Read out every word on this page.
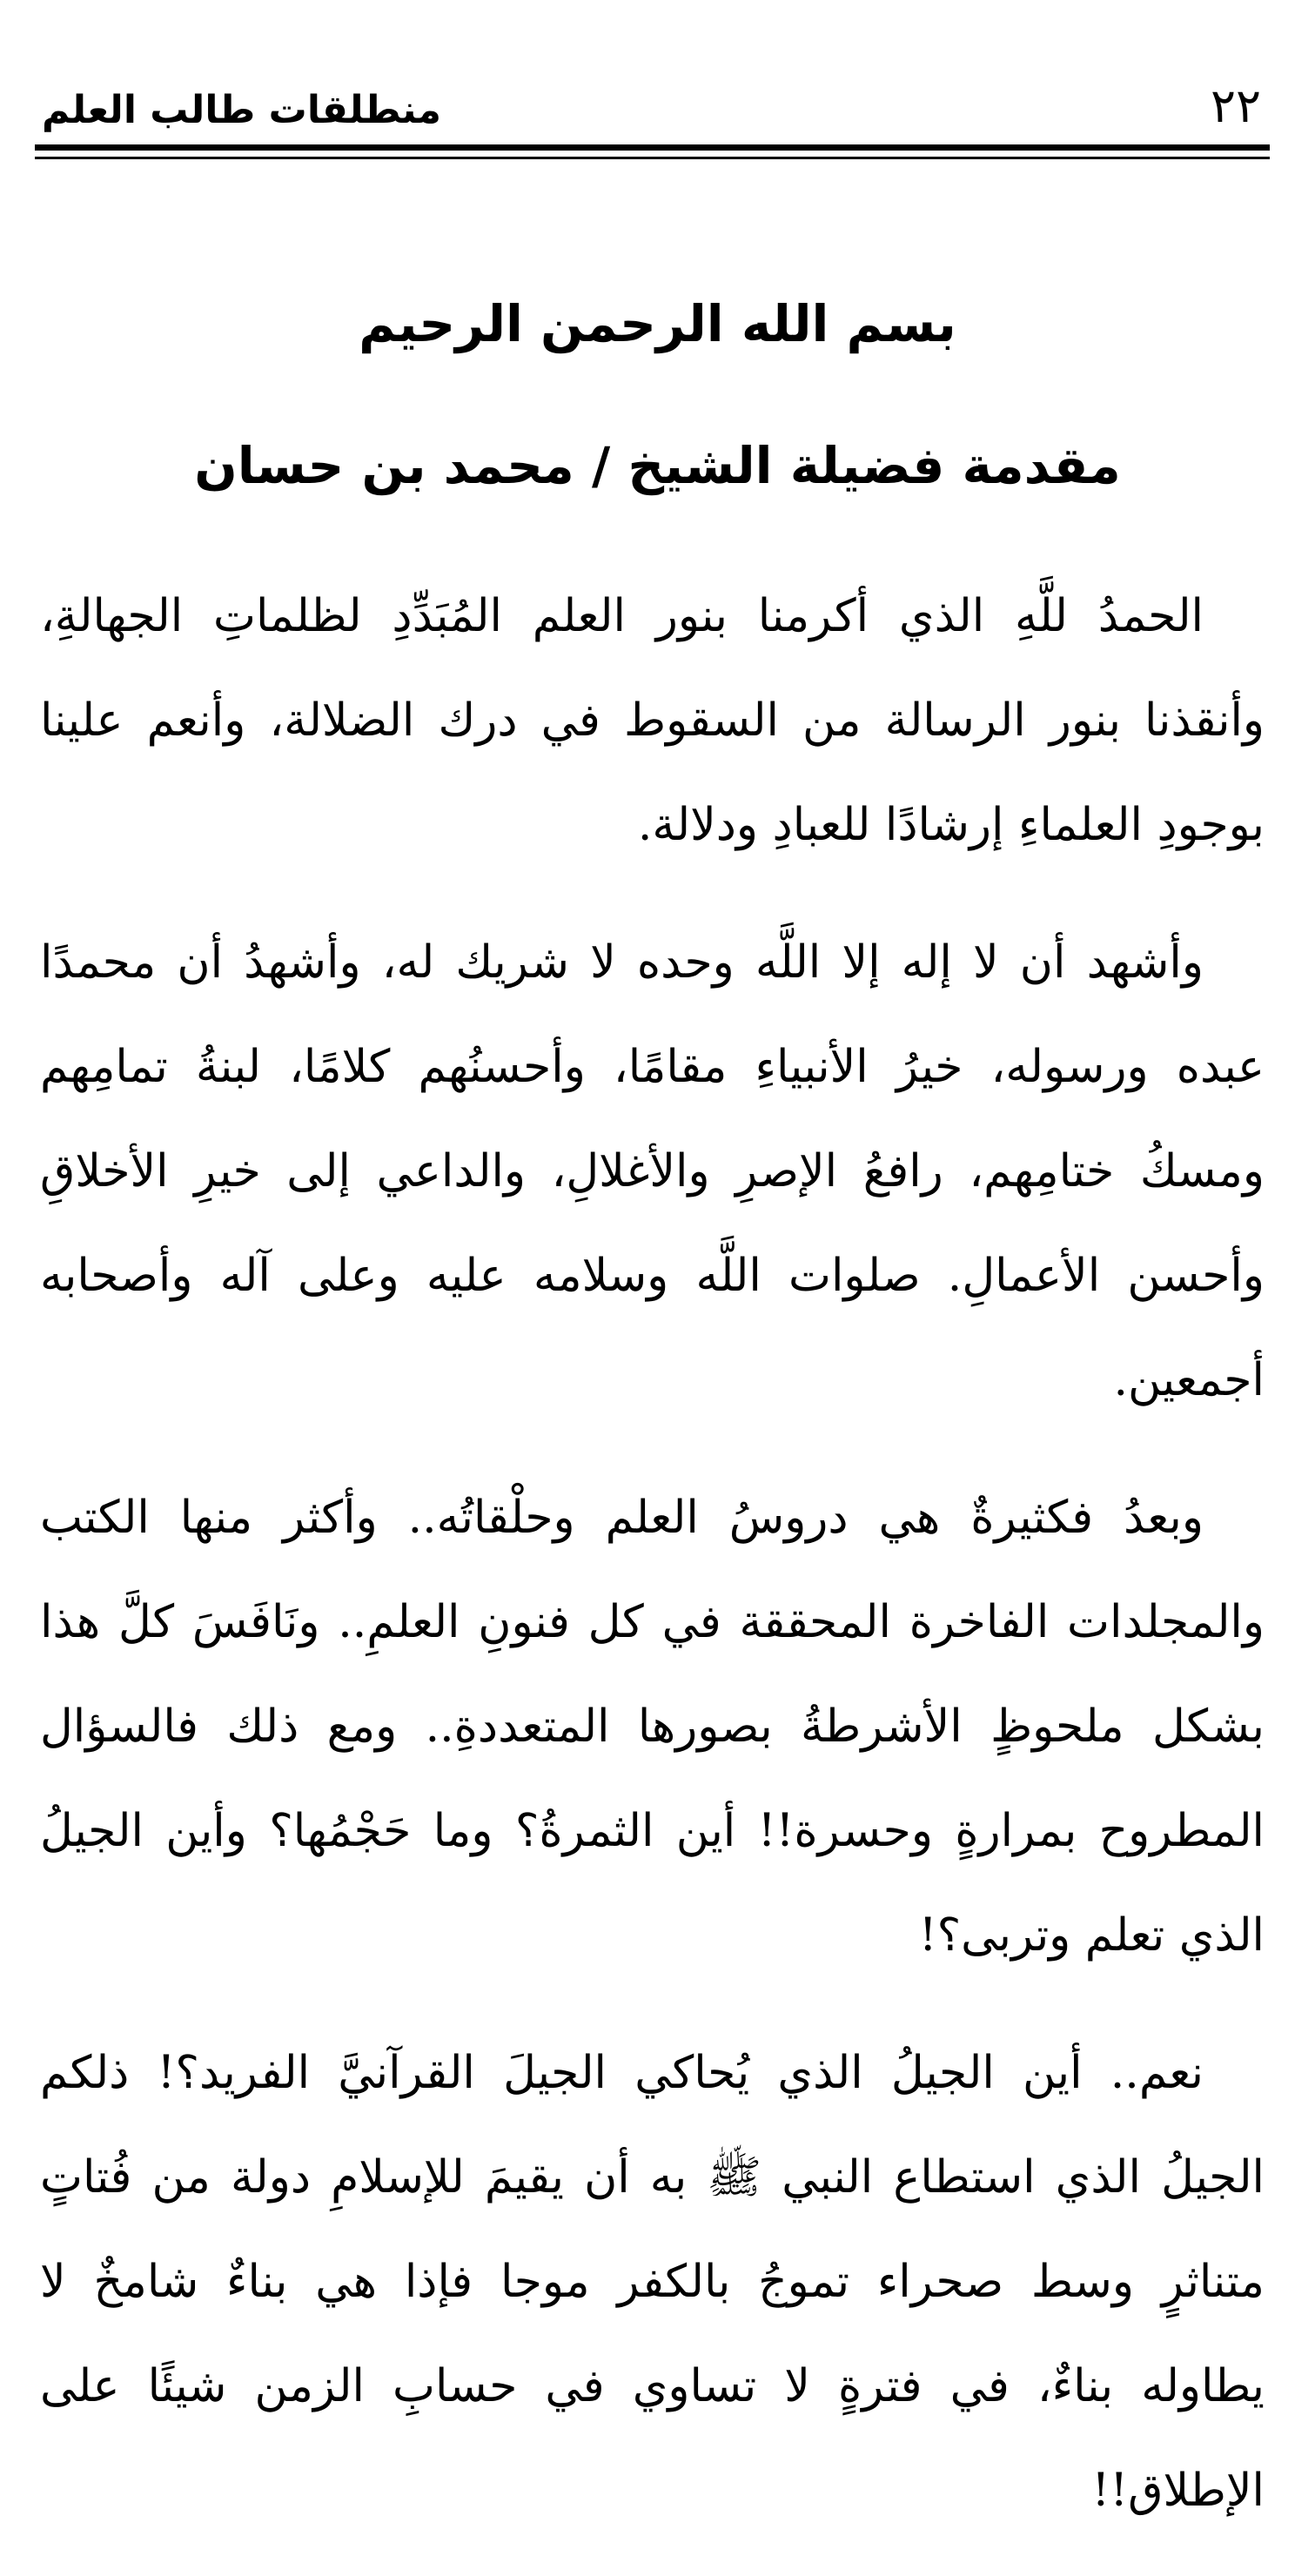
٢٢
منطلقات طالب العلم
بسم الله الرحمن الرحيم
مقدمة فضيلة الشيخ / محمد بن حسان

الحمدُ للَّهِ الذي أكرمنا بنور العلم المُبَدِّدِ لظلماتِ الجهالةِ، وأنقذنا بنور الرسالة من السقوط في درك الضلالة، وأنعم علينا بوجودِ العلماءِ إرشادًا للعبادِ ودلالة.

وأشهد أن لا إله إلا اللَّه وحده لا شريك له، وأشهدُ أن محمدًا عبده ورسوله، خيرُ الأنبياءِ مقامًا، وأحسنُهم كلامًا، لبنةُ تمامِهم ومسكُ ختامِهم، رافعُ الإصرِ والأغلالِ، والداعي إلى خيرِ الأخلاقِ وأحسن الأعمالِ. صلوات اللَّه وسلامه عليه وعلى آله وأصحابه أجمعين.

وبعدُ فكثيرةٌ هي دروسُ العلم وحلْقاتُه.. وأكثر منها الكتب والمجلدات الفاخرة المحققة في كل فنونِ العلمِ.. ونَافَسَ كلَّ هذا بشكل ملحوظٍ الأشرطةُ بصورها المتعددةِ.. ومع ذلك فالسؤال المطروح بمرارةٍ وحسرة!! أين الثمرةُ؟ وما حَجْمُها؟ وأين الجيلُ الذي تعلم وتربى؟!

نعم.. أين الجيلُ الذي يُحاكي الجيلَ القرآنيَّ الفريد؟! ذلكم الجيلُ الذي استطاع النبي ﷺ به أن يقيمَ للإسلامِ دولة من فُتاتٍ متناثرٍ وسط صحراء تموجُ بالكفر موجا فإذا هي بناءٌ شامخٌ لا يطاوله بناءٌ، في فترةٍ لا تساوي في حسابِ الزمن شيئًا على الإطلاق!!
